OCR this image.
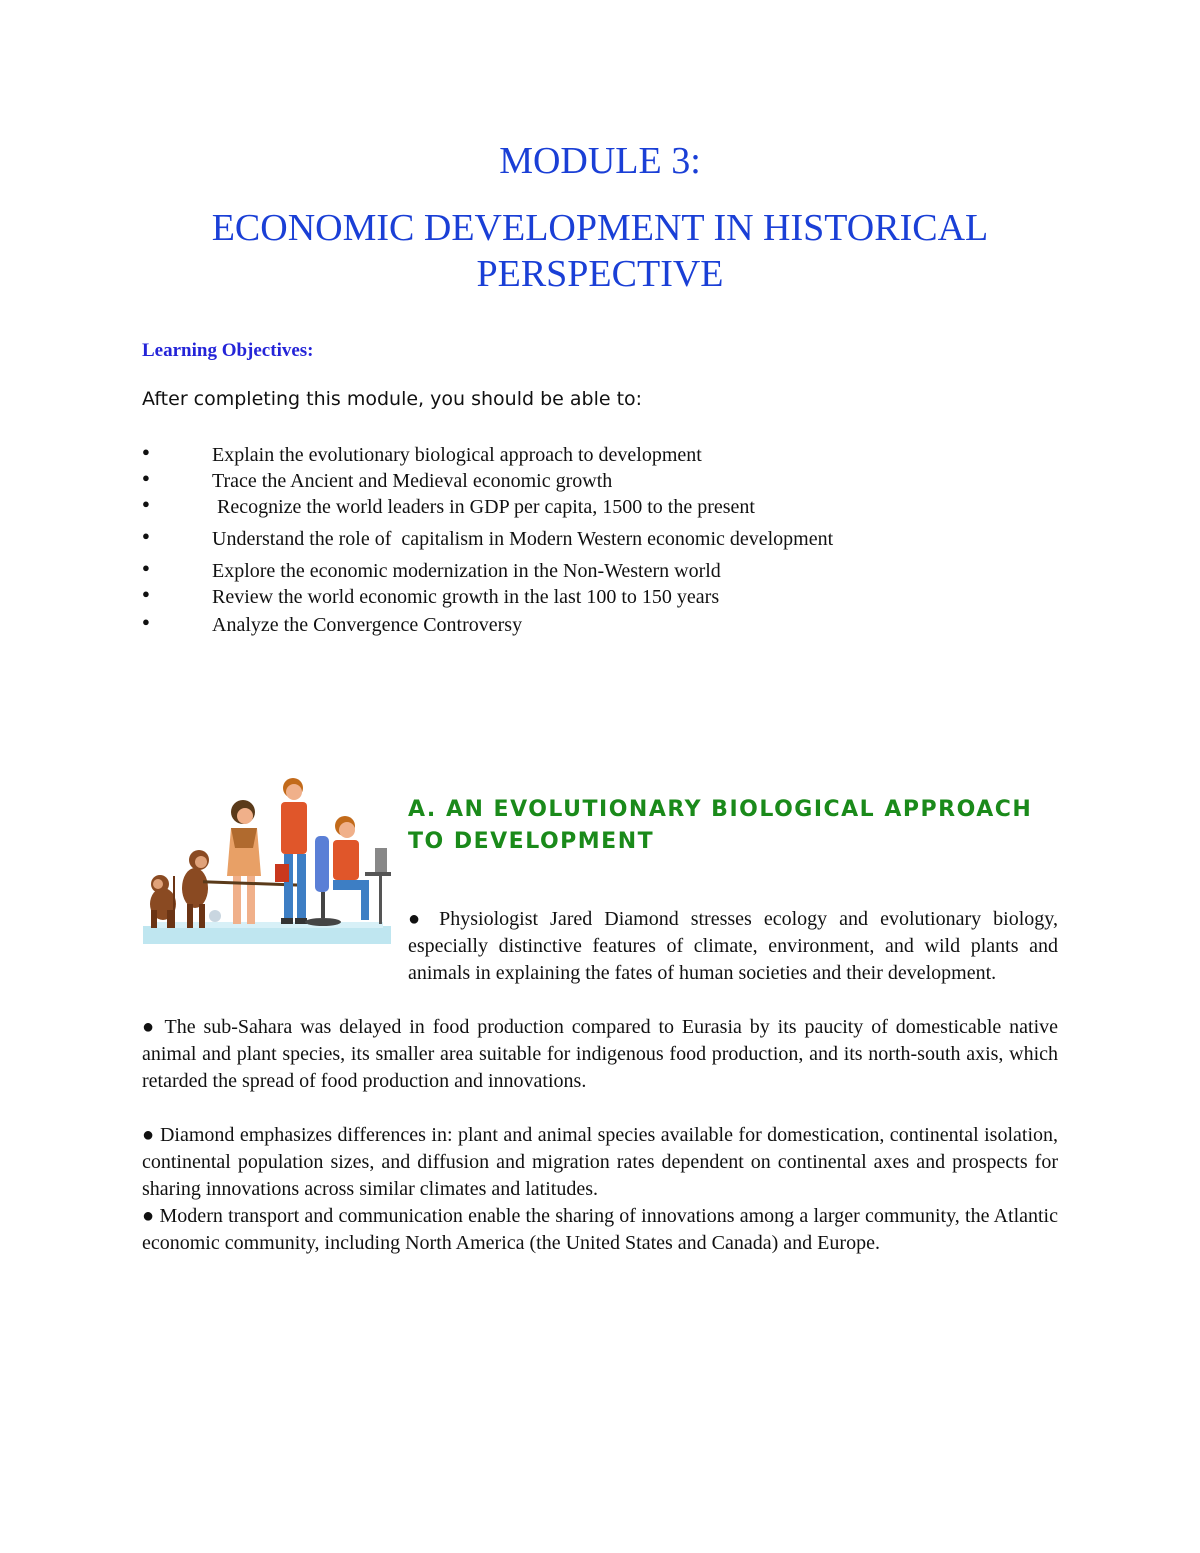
MODULE 3:
ECONOMIC DEVELOPMENT IN HISTORICAL PERSPECTIVE

Learning Objectives:

After completing this module, you should be able to:

●	Explain the evolutionary biological approach to development
●	Trace the Ancient and Medieval economic growth
●	Recognize the world leaders in GDP per capita, 1500 to the present
●	Understand the role of  capitalism in Modern Western economic development
●	Explore the economic modernization in the Non-Western world
●	Review the world economic growth in the last 100 to 150 years
●	Analyze the Convergence Controversy
A. AN EVOLUTIONARY BIOLOGICAL APPROACH TO DEVELOPMENT
● Physiologist Jared Diamond stresses ecology and evolutionary biology, especially distinctive features of climate, environment, and wild plants and animals in explaining the fates of human societies and their development.

● The sub-Sahara was delayed in food production compared to Eurasia by its paucity of domesticable native animal and plant species, its smaller area suitable for indigenous food production, and its north-south axis, which retarded the spread of food production and innovations.

● Diamond emphasizes differences in: plant and animal species available for domestication, continental isolation, continental population sizes, and diffusion and migration rates dependent on continental axes and prospects for sharing innovations across similar climates and latitudes.

● Modern transport and communication enable the sharing of innovations among a larger community, the Atlantic economic community, including North America (the United States and Canada) and Europe.
